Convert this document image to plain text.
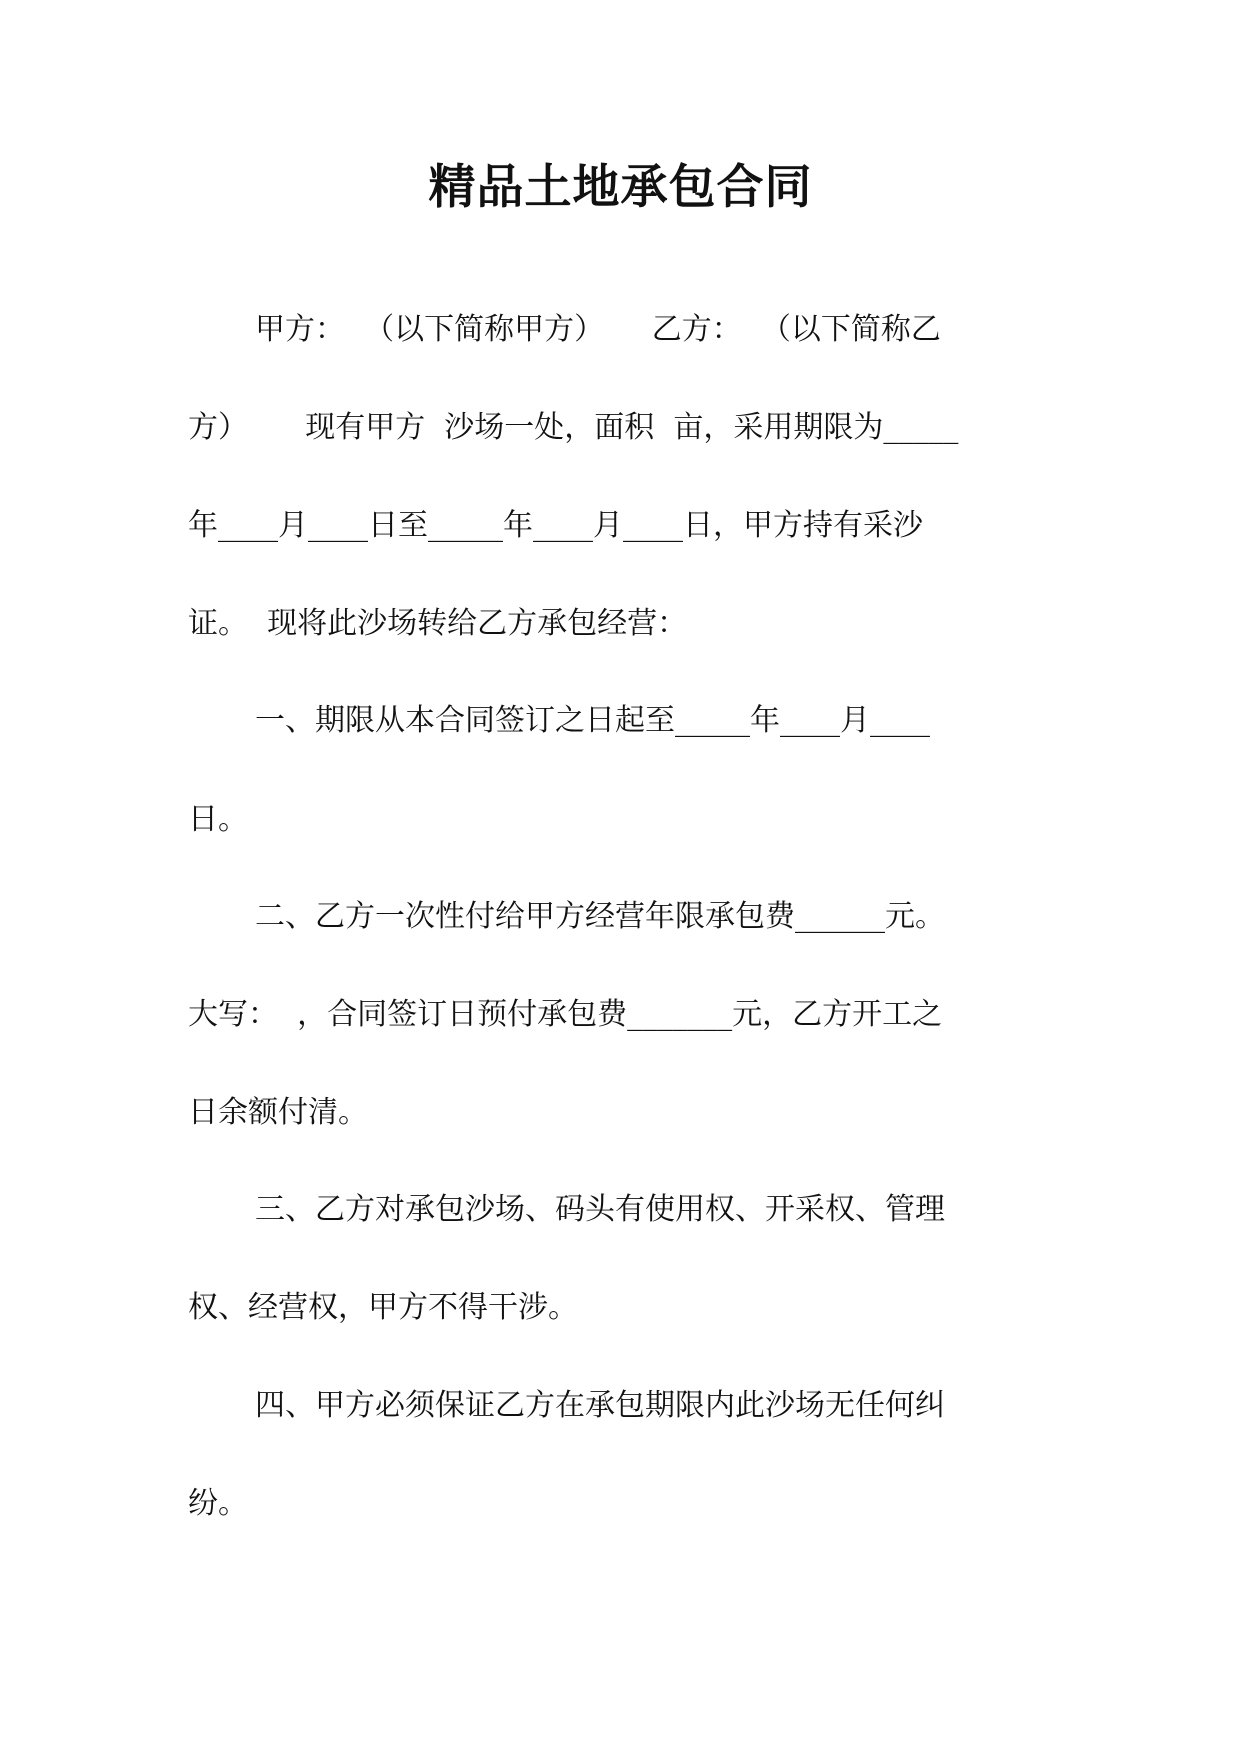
精品土地承包合同

甲方：  （以下简称甲方）     乙方：  （以下简称乙

方）      现有甲方  沙场一处，面积  亩，采用期限为_____

年____月____日至_____年____月____日，甲方持有采沙

证。  现将此沙场转给乙方承包经营：

一、期限从本合同签订之日起至_____年____月____

日。

二、乙方一次性付给甲方经营年限承包费______元。

大写：  ，合同签订日预付承包费_______元，乙方开工之

日余额付清。

三、乙方对承包沙场、码头有使用权、开采权、管理

权、经营权，甲方不得干涉。

四、甲方必须保证乙方在承包期限内此沙场无任何纠

纷。
